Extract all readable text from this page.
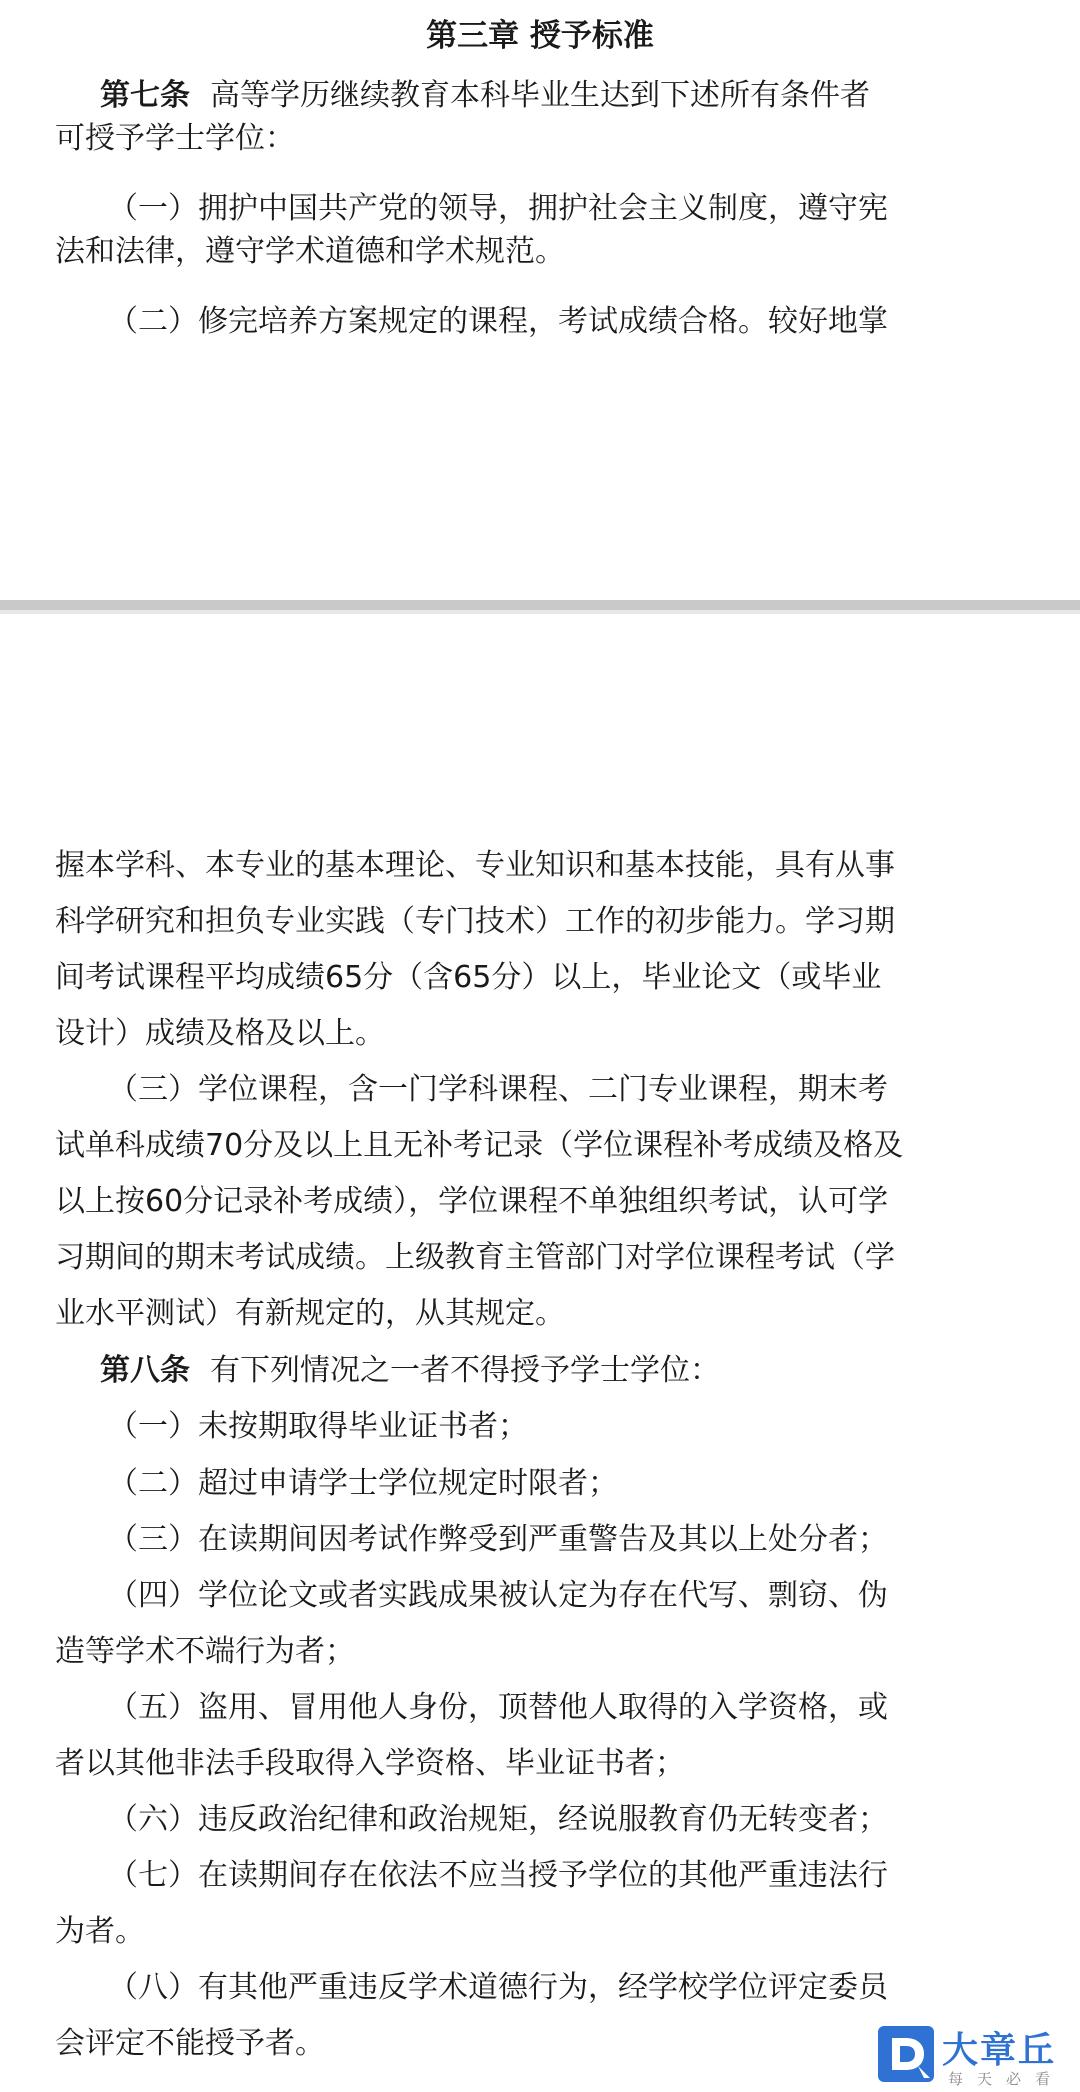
第三章 授予标准
第七条 高等学历继续教育本科毕业生达到下述所有条件者
可授予学士学位：
（一）拥护中国共产党的领导，拥护社会主义制度，遵守宪
法和法律，遵守学术道德和学术规范。
（二）修完培养方案规定的课程，考试成绩合格。较好地掌
握本学科、本专业的基本理论、专业知识和基本技能，具有从事
科学研究和担负专业实践（专门技术）工作的初步能力。学习期
间考试课程平均成绩65分（含65分）以上，毕业论文（或毕业
设计）成绩及格及以上。
（三）学位课程，含一门学科课程、二门专业课程，期末考
试单科成绩70分及以上且无补考记录（学位课程补考成绩及格及
以上按60分记录补考成绩），学位课程不单独组织考试，认可学
习期间的期末考试成绩。上级教育主管部门对学位课程考试（学
业水平测试）有新规定的，从其规定。
第八条 有下列情况之一者不得授予学士学位：
（一）未按期取得毕业证书者；
（二）超过申请学士学位规定时限者；
（三）在读期间因考试作弊受到严重警告及其以上处分者；
（四）学位论文或者实践成果被认定为存在代写、剽窃、伪
造等学术不端行为者；
（五）盗用、冒用他人身份，顶替他人取得的入学资格，或
者以其他非法手段取得入学资格、毕业证书者；
（六）违反政治纪律和政治规矩，经说服教育仍无转变者；
（七）在读期间存在依法不应当授予学位的其他严重违法行
为者。
（八）有其他严重违反学术道德行为，经学校学位评定委员
会评定不能授予者。	大章丘
每天必看
